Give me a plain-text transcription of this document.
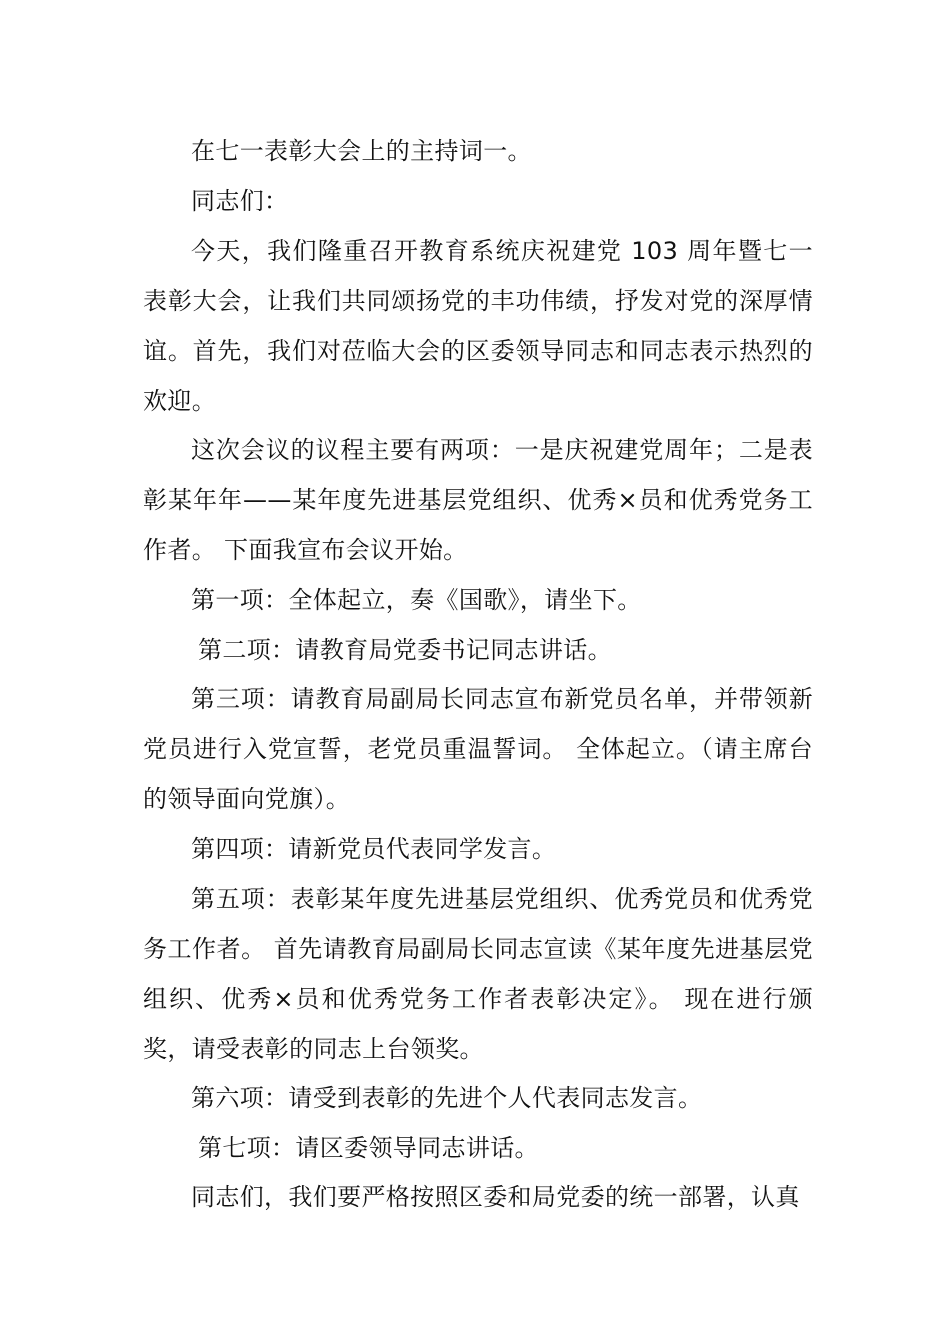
在七一表彰大会上的主持词一。

同志们：

今天，我们隆重召开教育系统庆祝建党 103 周年暨七一表彰大会，让我们共同颂扬党的丰功伟绩，抒发对党的深厚情谊。首先，我们对莅临大会的区委领导同志和同志表示热烈的欢迎。

这次会议的议程主要有两项：一是庆祝建党周年；二是表彰某年年——某年度先进基层党组织、优秀×员和优秀党务工作者。 下面我宣布会议开始。

第一项：全体起立，奏《国歌》，请坐下。

第二项：请教育局党委书记同志讲话。

第三项：请教育局副局长同志宣布新党员名单，并带领新党员进行入党宣誓，老党员重温誓词。 全体起立。（请主席台的领导面向党旗）。

第四项：请新党员代表同学发言。

第五项：表彰某年度先进基层党组织、优秀党员和优秀党务工作者。 首先请教育局副局长同志宣读《某年度先进基层党组织、优秀×员和优秀党务工作者表彰决定》。 现在进行颁奖，请受表彰的同志上台领奖。

第六项：请受到表彰的先进个人代表同志发言。

第七项：请区委领导同志讲话。

同志们，我们要严格按照区委和局党委的统一部署，认真
